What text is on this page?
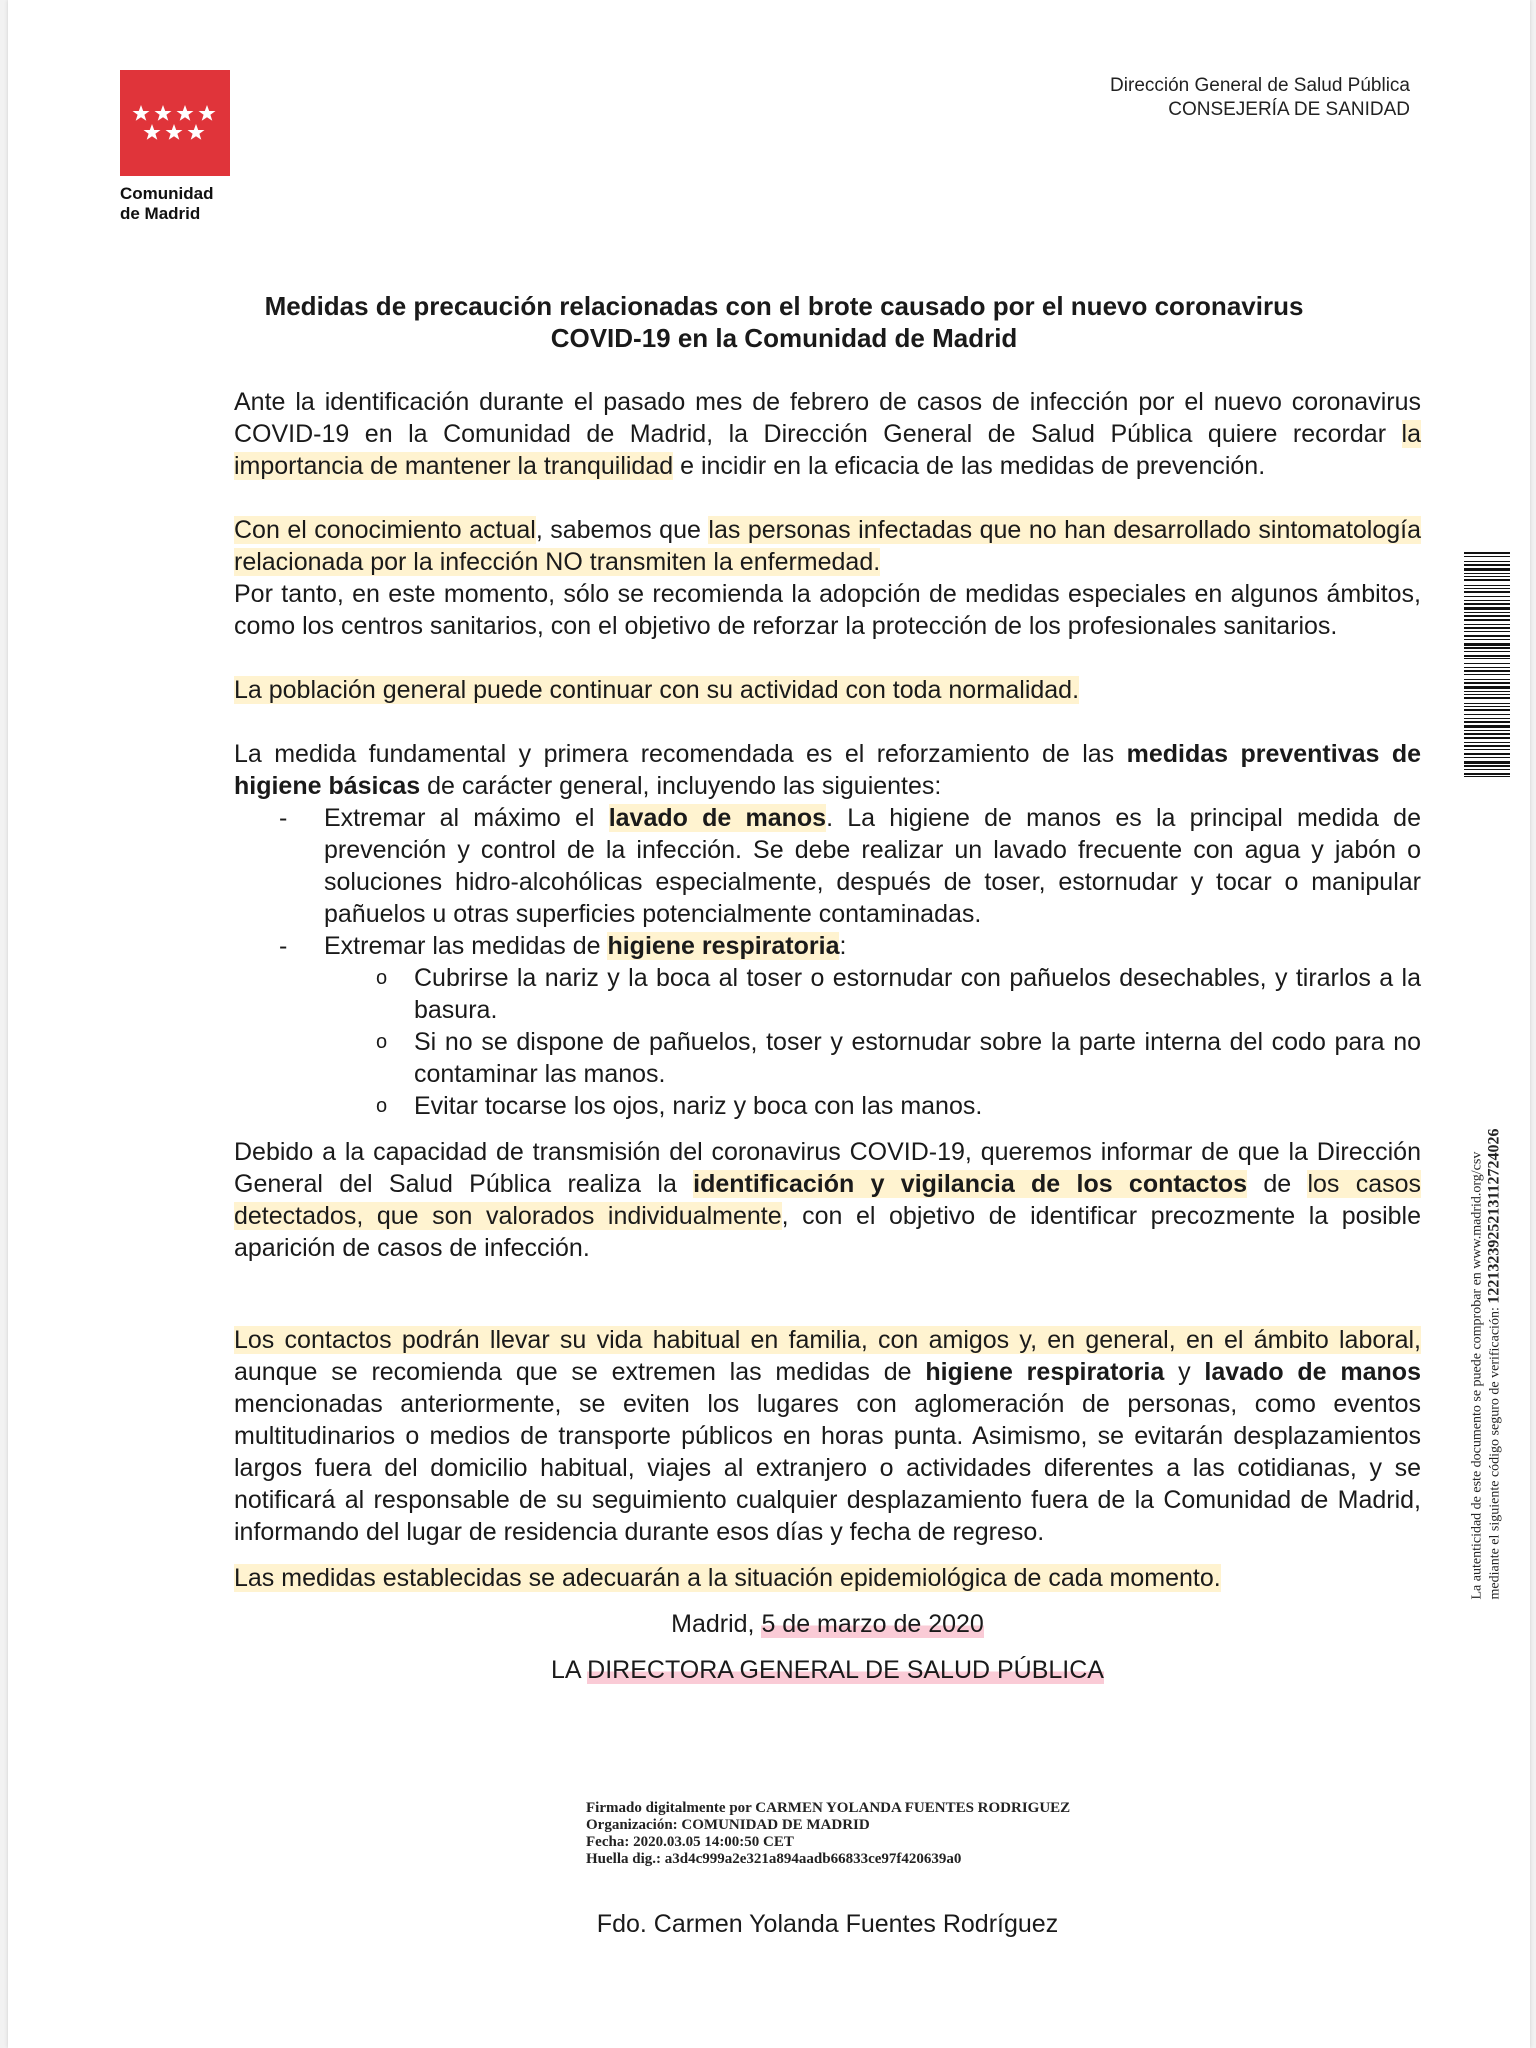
Comunidad
de Madrid
Dirección General de Salud Pública
CONSEJERÍA DE SANIDAD
Medidas de precaución relacionadas con el brote causado por el nuevo coronavirus
COVID-19 en la Comunidad de Madrid

Ante la identificación durante el pasado mes de febrero de casos de infección por el nuevo coronavirus COVID-19 en la Comunidad de Madrid, la Dirección General de Salud Pública quiere recordar la importancia de mantener la tranquilidad e incidir en la eficacia de las medidas de prevención.

Con el conocimiento actual, sabemos que las personas infectadas que no han desarrollado sintomatología relacionada por la infección NO transmiten la enfermedad.

Por tanto, en este momento, sólo se recomienda la adopción de medidas especiales en algunos ámbitos, como los centros sanitarios, con el objetivo de reforzar la protección de los profesionales sanitarios.

La población general puede continuar con su actividad con toda normalidad.

La medida fundamental y primera recomendada es el reforzamiento de las medidas preventivas de higiene básicas de carácter general, incluyendo las siguientes:

- Extremar al máximo el lavado de manos. La higiene de manos es la principal medida de prevención y control de la infección. Se debe realizar un lavado frecuente con agua y jabón o soluciones hidro-alcohólicas especialmente, después de toser, estornudar y tocar o manipular pañuelos u otras superficies potencialmente contaminadas.
- Extremar las medidas de higiene respiratoria:
o Cubrirse la nariz y la boca al toser o estornudar con pañuelos desechables, y tirarlos a la basura.
o Si no se dispone de pañuelos, toser y estornudar sobre la parte interna del codo para no contaminar las manos.
o Evitar tocarse los ojos, nariz y boca con las manos.

Debido a la capacidad de transmisión del coronavirus COVID-19, queremos informar de que la Dirección General del Salud Pública realiza la identificación y vigilancia de los contactos de los casos detectados, que son valorados individualmente, con el objetivo de identificar precozmente la posible aparición de casos de infección.

Los contactos podrán llevar su vida habitual en familia, con amigos y, en general, en el ámbito laboral, aunque se recomienda que se extremen las medidas de higiene respiratoria y lavado de manos mencionadas anteriormente, se eviten los lugares con aglomeración de personas, como eventos multitudinarios o medios de transporte públicos en horas punta. Asimismo, se evitarán desplazamientos largos fuera del domicilio habitual, viajes al extranjero o actividades diferentes a las cotidianas, y se notificará al responsable de su seguimiento cualquier desplazamiento fuera de la Comunidad de Madrid, informando del lugar de residencia durante esos días y fecha de regreso.

Las medidas establecidas se adecuarán a la situación epidemiológica de cada momento.

Madrid, 5 de marzo de 2020

LA DIRECTORA GENERAL DE SALUD PÚBLICA

Firmado digitalmente por CARMEN YOLANDA FUENTES RODRIGUEZ
Organización: COMUNIDAD DE MADRID
Fecha: 2020.03.05 14:00:50 CET
Huella dig.: a3d4c999a2e321a894aadb66833ce97f420639a0
Fdo. Carmen Yolanda Fuentes Rodríguez
La autenticidad de este documento se puede comprobar en www.madrid.org/csv mediante el siguiente código seguro de verificación: 1221323925213112724026
